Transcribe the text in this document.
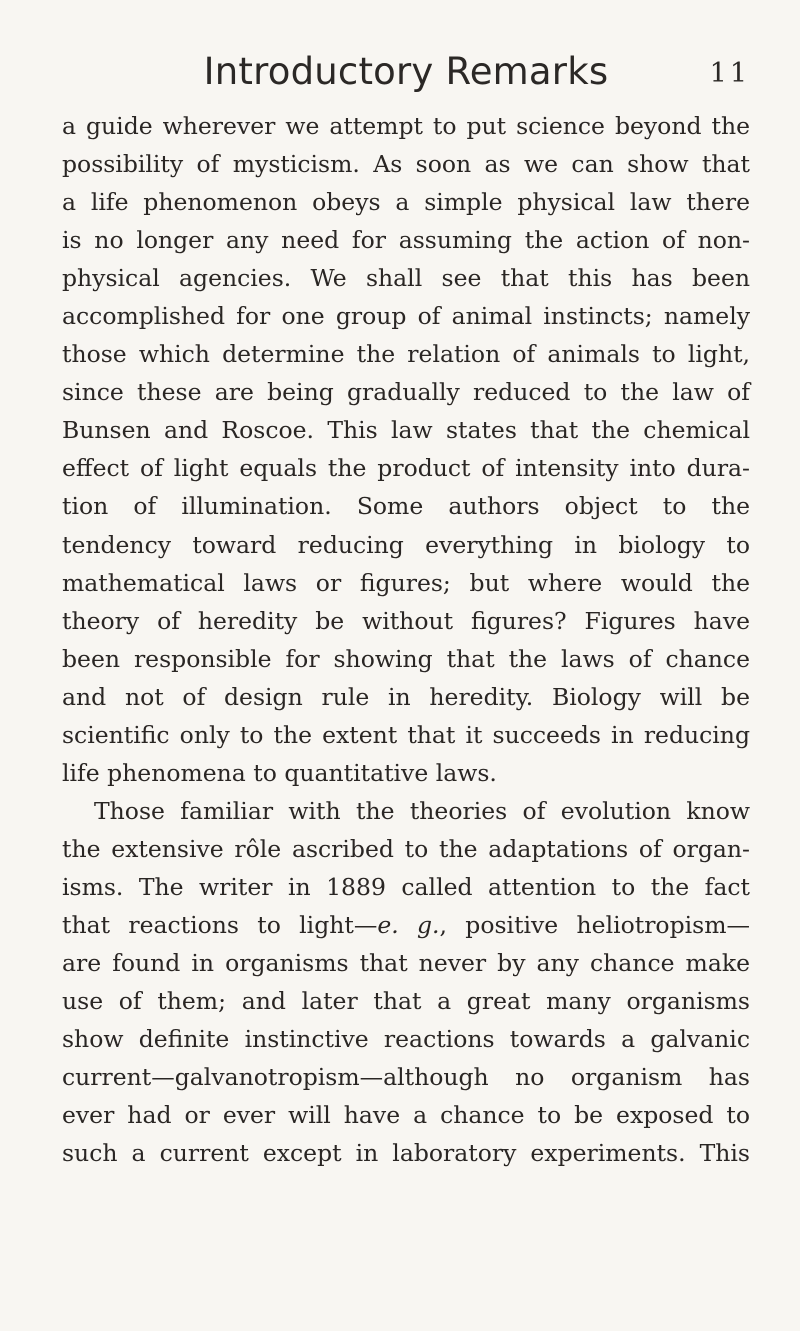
Introductory Remarks	11
a guide wherever we attempt to put science beyond the
possibility of mysticism. As soon as we can show that
a life phenomenon obeys a simple physical law there
is no longer any need for assuming the action of non-
physical agencies. We shall see that this has been
accomplished for one group of animal instincts; namely
those which determine the relation of animals to light,
since these are being gradually reduced to the law of
Bunsen and Roscoe. This law states that the chemical
effect of light equals the product of intensity into dura-
tion of illumination. Some authors object to the
tendency toward reducing everything in biology to
mathematical laws or figures; but where would the
theory of heredity be without figures? Figures have
been responsible for showing that the laws of chance
and not of design rule in heredity. Biology will be
scientific only to the extent that it succeeds in reducing
life phenomena to quantitative laws.
Those familiar with the theories of evolution know
the extensive rôle ascribed to the adaptations of organ-
isms. The writer in 1889 called attention to the fact
that reactions to light—e. g., positive heliotropism—
are found in organisms that never by any chance make
use of them; and later that a great many organisms
show definite instinctive reactions towards a galvanic
current—galvanotropism—although no organism has
ever had or ever will have a chance to be exposed to
such a current except in laboratory experiments. This
